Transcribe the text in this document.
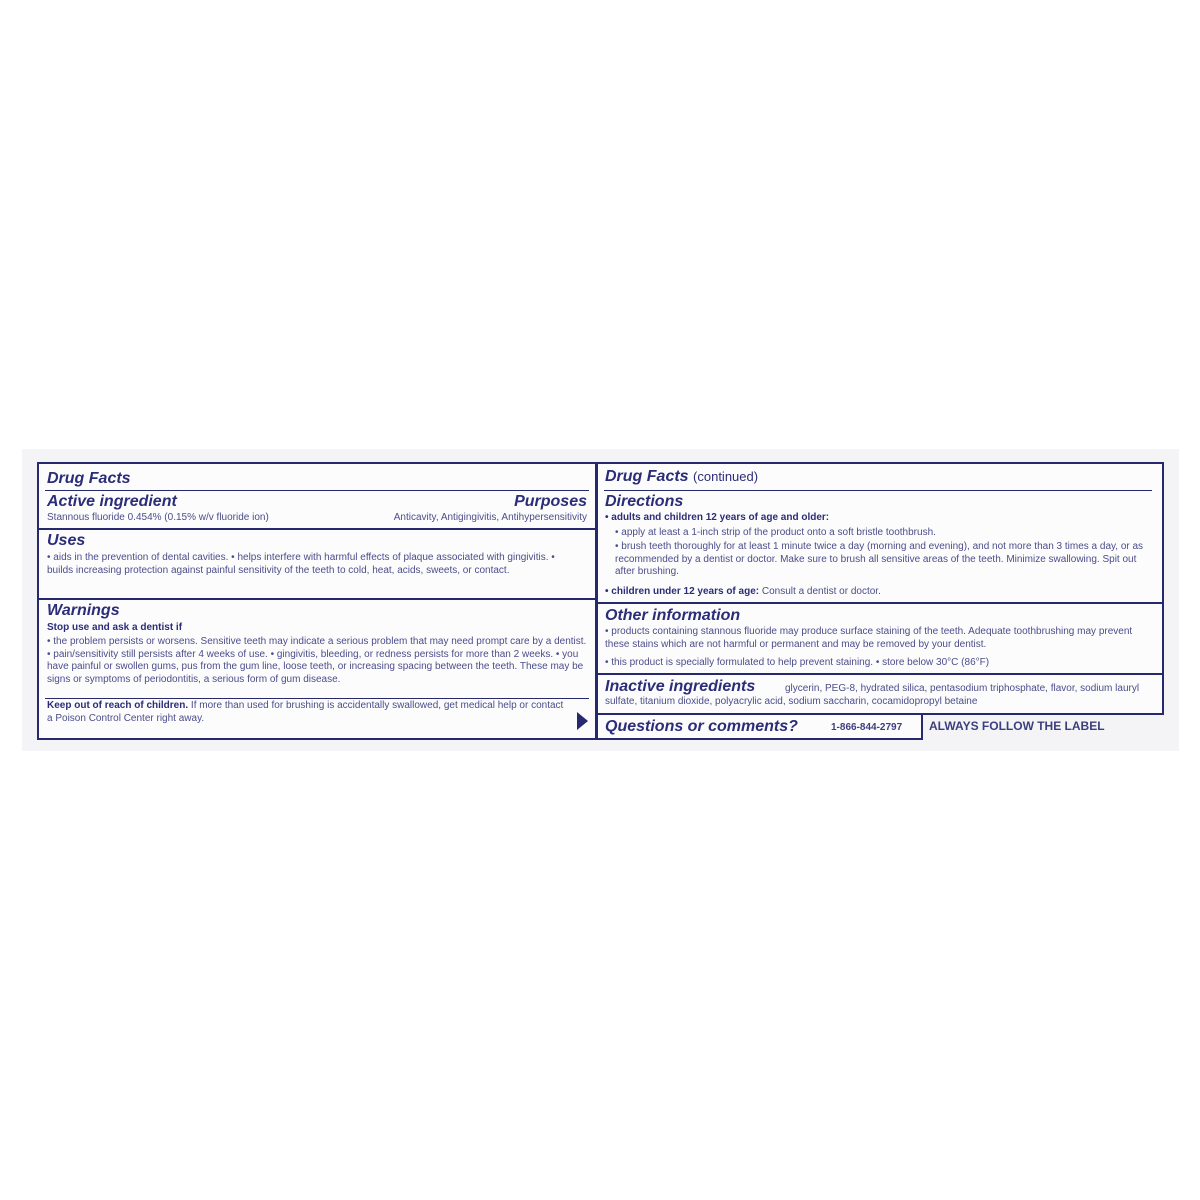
Drug Facts
Active ingredient	Purposes
Stannous fluoride 0.454% (0.15% w/v fluoride ion)	Anticavity, Antigingivitis, Antihypersensitivity
Uses
• aids in the prevention of dental cavities. • helps interfere with harmful effects of plaque associated with gingivitis. • builds increasing protection against painful sensitivity of the teeth to cold, heat, acids, sweets, or contact.
Warnings
Stop use and ask a dentist if
• the problem persists or worsens. Sensitive teeth may indicate a serious problem that may need prompt care by a dentist. • pain/sensitivity still persists after 4 weeks of use. • gingivitis, bleeding, or redness persists for more than 2 weeks. • you have painful or swollen gums, pus from the gum line, loose teeth, or increasing spacing between the teeth. These may be signs or symptoms of periodontitis, a serious form of gum disease.
Keep out of reach of children. If more than used for brushing is accidentally swallowed, get medical help or contact a Poison Control Center right away.
Drug Facts (continued)
Directions
• adults and children 12 years of age and older:
• apply at least a 1-inch strip of the product onto a soft bristle toothbrush.
• brush teeth thoroughly for at least 1 minute twice a day (morning and evening), and not more than 3 times a day, or as recommended by a dentist or doctor. Make sure to brush all sensitive areas of the teeth. Minimize swallowing. Spit out after brushing.
• children under 12 years of age: Consult a dentist or doctor.
Other information
• products containing stannous fluoride may produce surface staining of the teeth. Adequate toothbrushing may prevent these stains which are not harmful or permanent and may be removed by your dentist.
• this product is specially formulated to help prevent staining. • store below 30°C (86°F)
Inactive ingredients	glycerin, PEG-8, hydrated silica, pentasodium triphosphate, flavor, sodium lauryl sulfate, titanium dioxide, polyacrylic acid, sodium saccharin, cocamidopropyl betaine
Questions or comments?	1-866-844-2797 ALWAYS FOLLOW THE LABEL
